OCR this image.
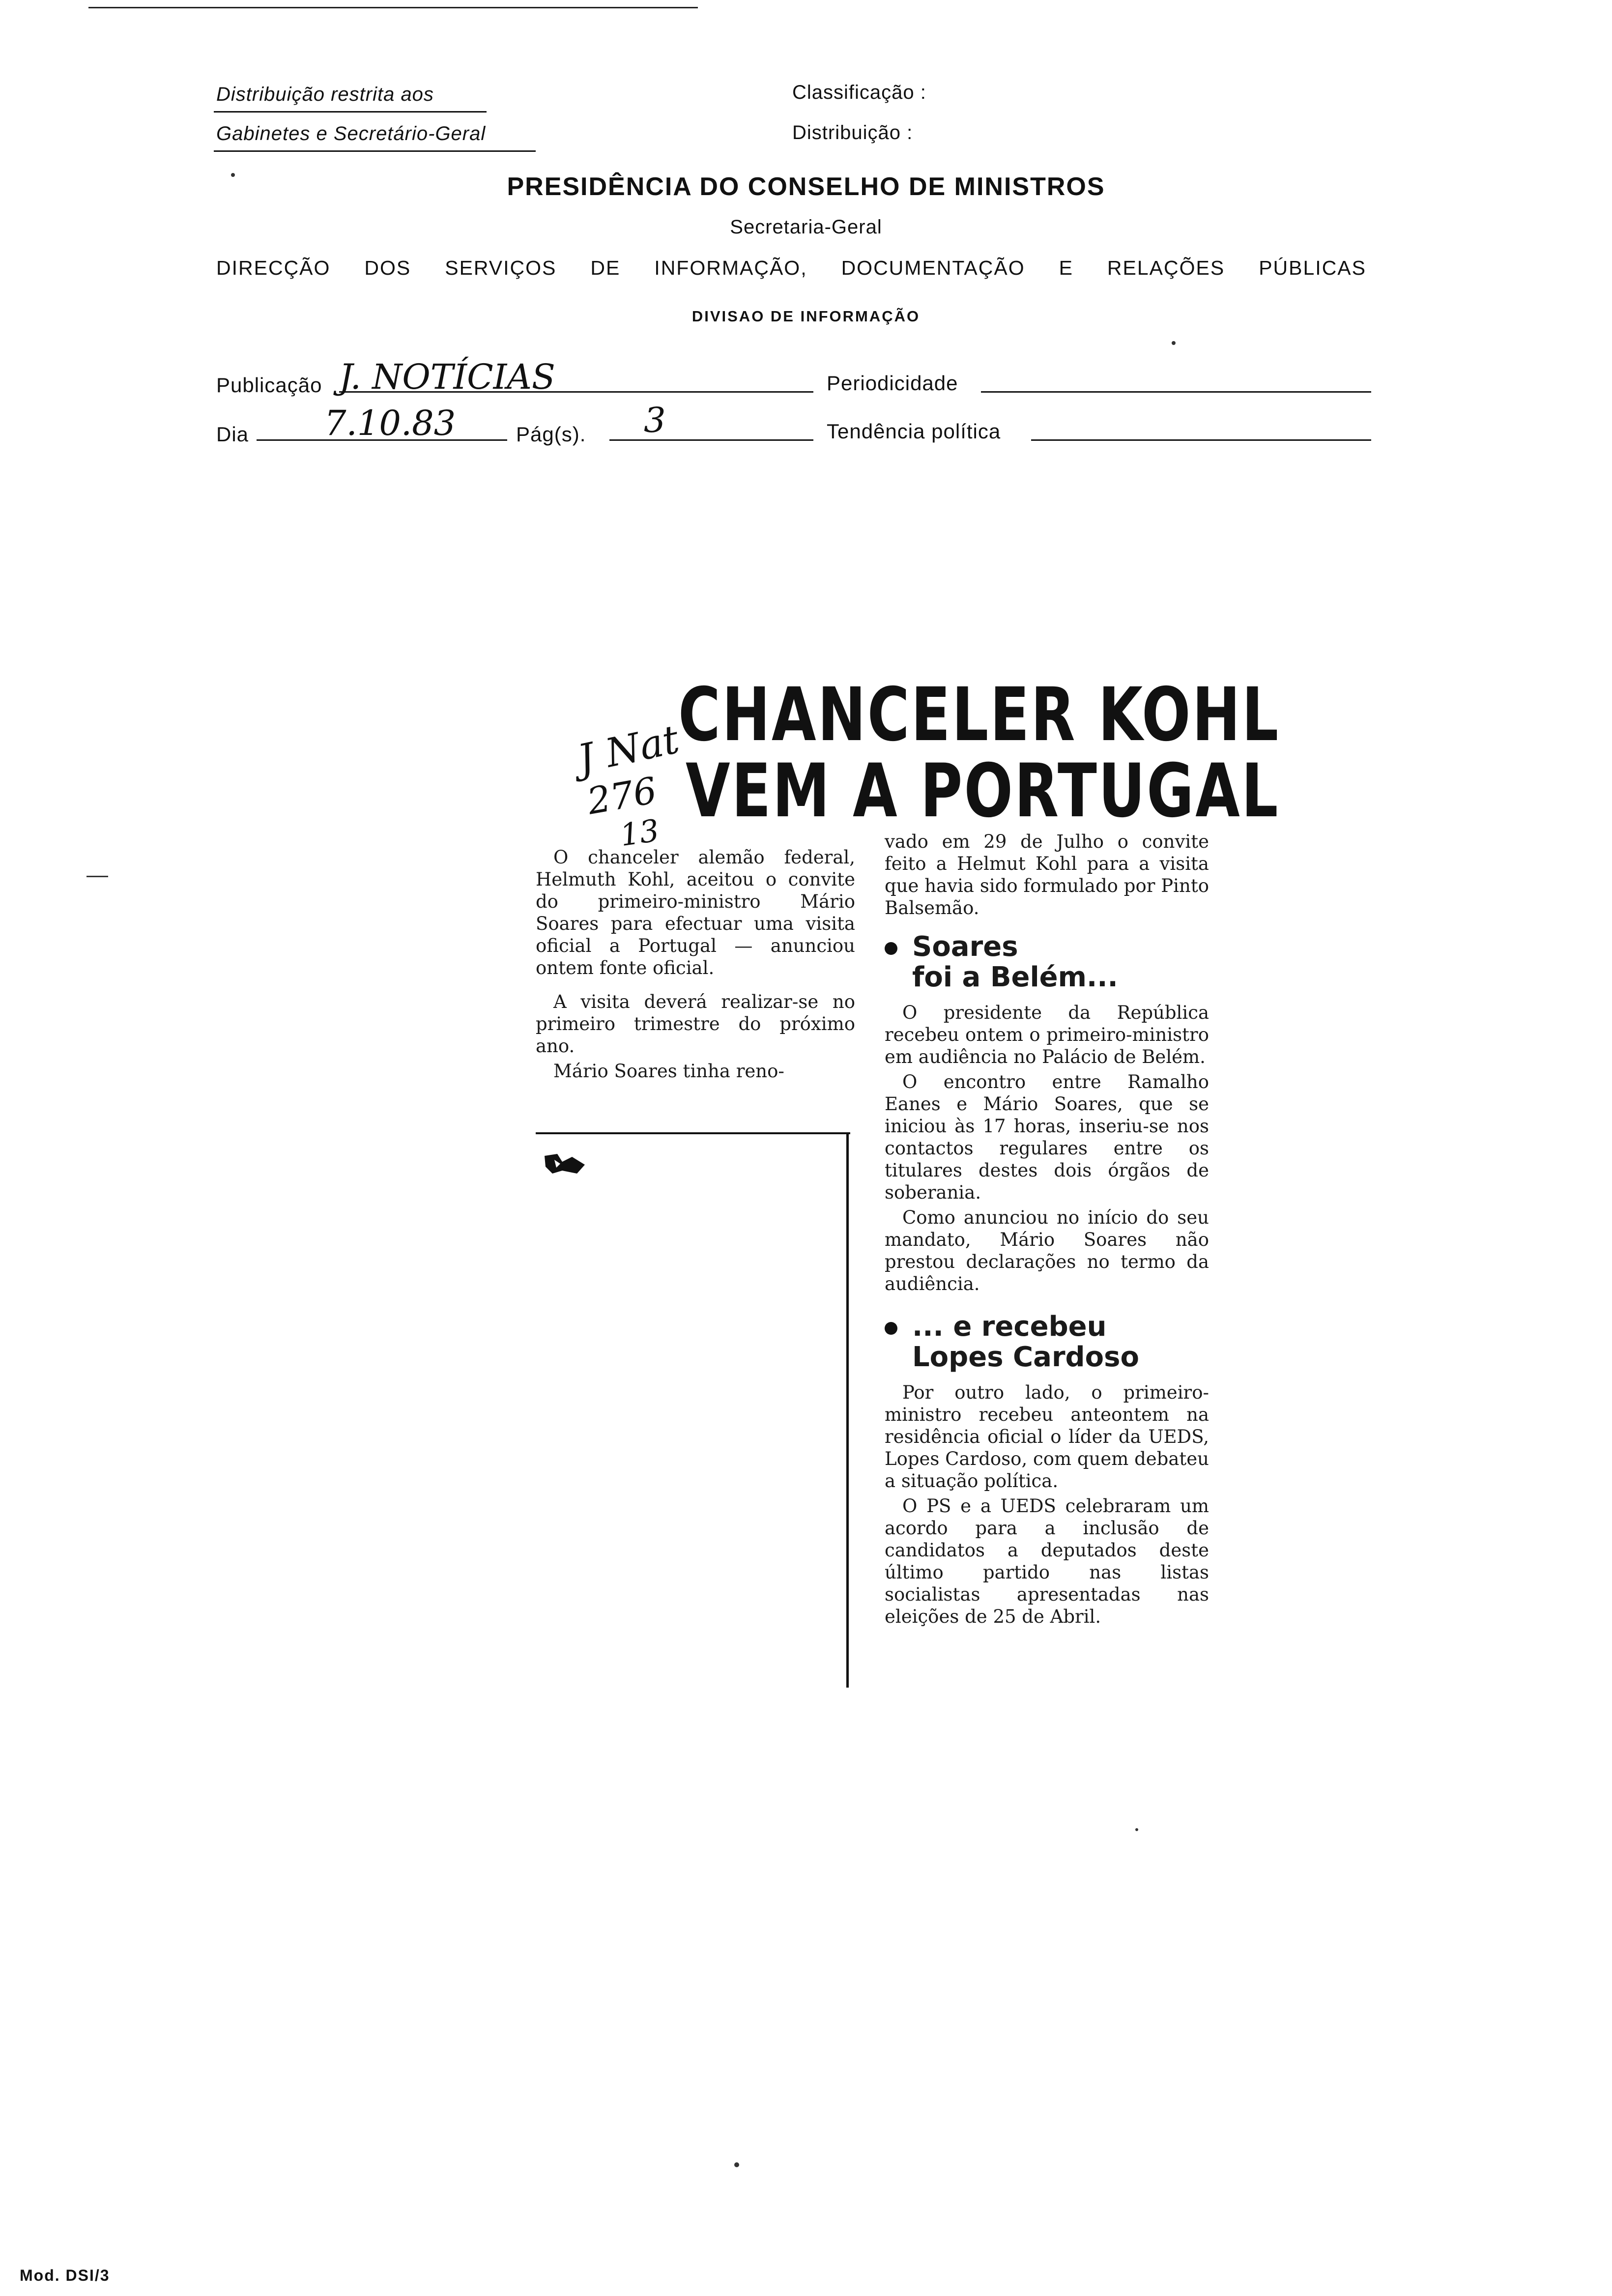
Distribuição restrita aos
Gabinetes e Secretário-Geral
Classificação :
Distribuição :
PRESIDÊNCIA DO CONSELHO DE MINISTROS
Secretaria-Geral
DIRECÇÃO DOS SERVIÇOS DE INFORMAÇÃO, DOCUMENTAÇÃO E RELAÇÕES PÚBLICAS
DIVISAO DE INFORMAÇÃO
Publicação J. NOTÍCIAS	Periodicidade
Dia 7.10.83	Pág(s). 3	Tendência política
CHANCELER KOHL
VEM A PORTUGAL
J Nat
276
13

O chanceler alemão federal, Helmuth Kohl, aceitou o convite do primeiro-ministro Mário Soares para efectuar uma visita oficial a Portugal — anunciou ontem fonte oficial.

A visita deverá realizar-se no primeiro trimestre do próximo ano.

Mário Soares tinha reno-

vado em 29 de Julho o convite feito a Helmut Kohl para a visita que havia sido formulado por Pinto Balsemão.

Soares
foi a Belém...

O presidente da República recebeu ontem o primeiro-ministro em audiência no Palácio de Belém.

O encontro entre Ramalho Eanes e Mário Soares, que se iniciou às 17 horas, inseriu-se nos contactos regulares entre os titulares destes dois órgãos de soberania.

Como anunciou no início do seu mandato, Mário Soares não prestou declarações no termo da audiência.

... e recebeu
Lopes Cardoso

Por outro lado, o primeiro-ministro recebeu anteontem na residência oficial o líder da UEDS, Lopes Cardoso, com quem debateu a situação política.

O PS e a UEDS celebraram um acordo para a inclusão de candidatos a deputados deste último partido nas listas socialistas apresentadas nas eleições de 25 de Abril.

Mod. DSI/3
